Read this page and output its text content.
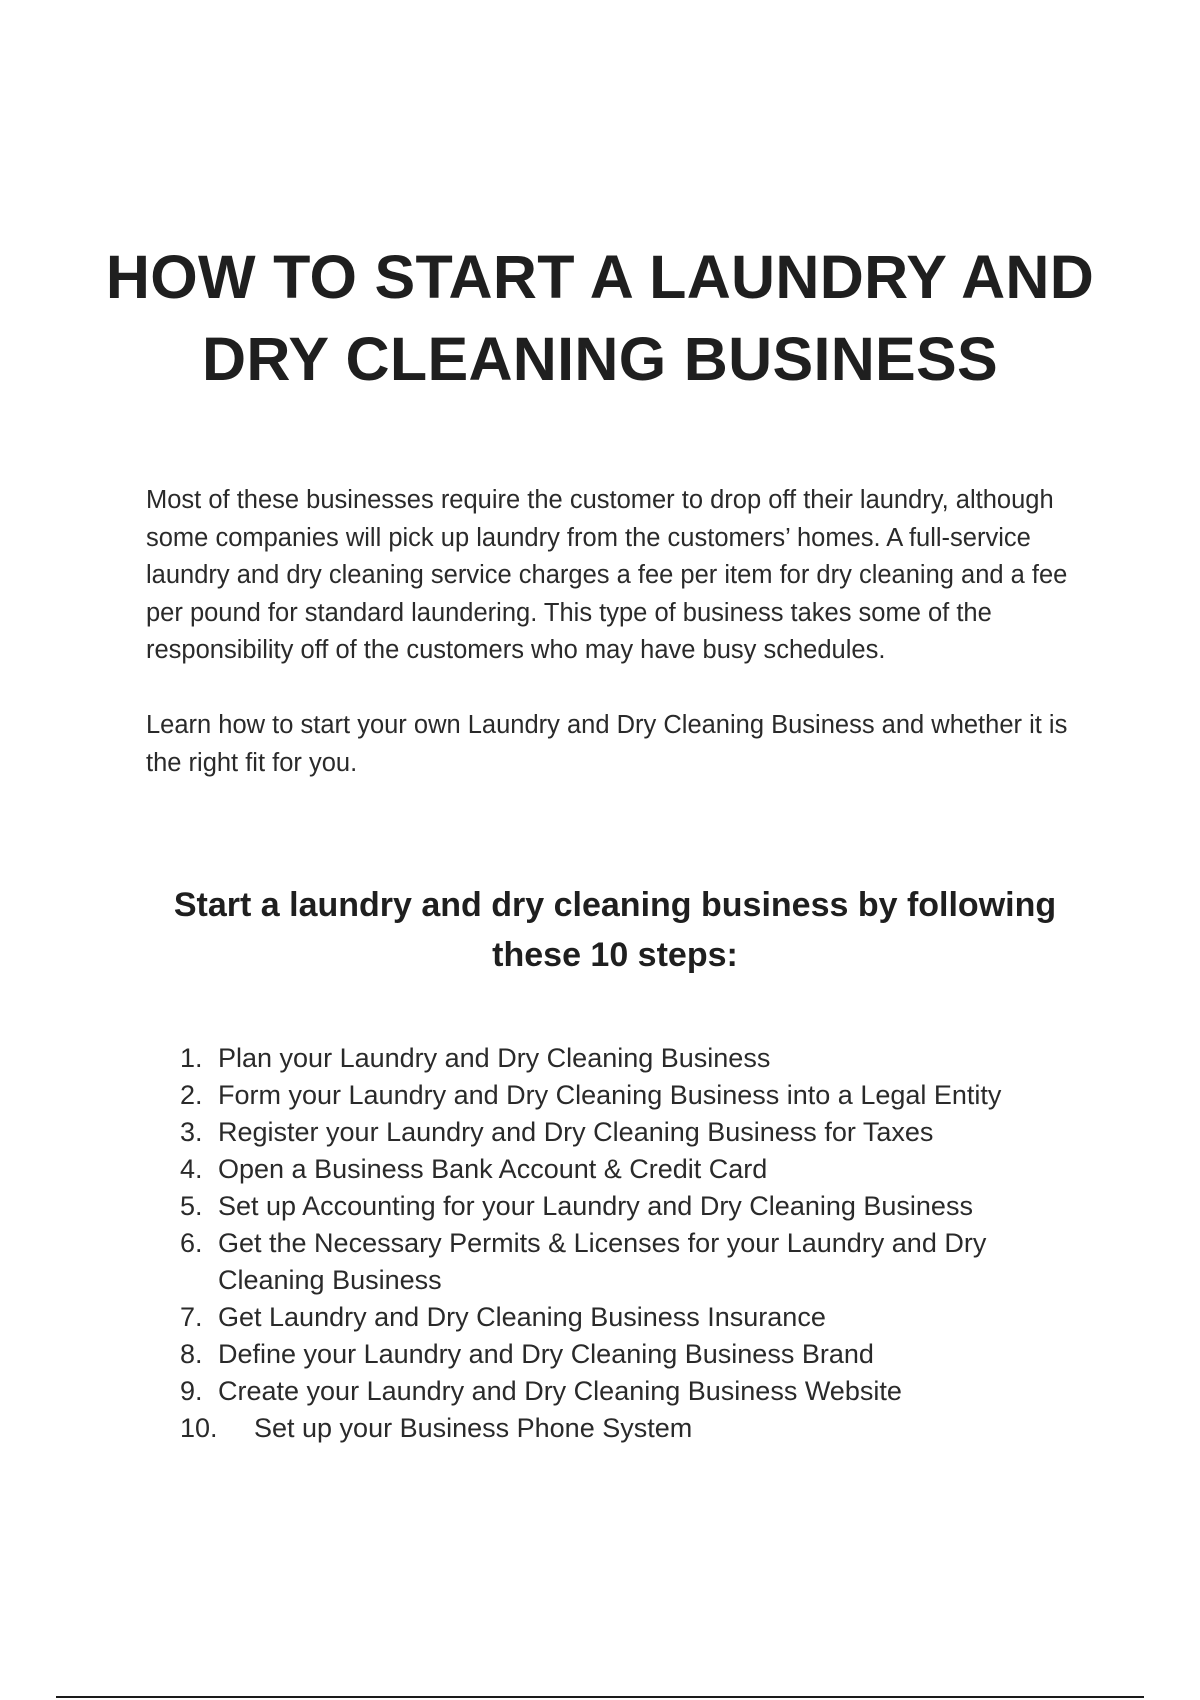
HOW TO START A LAUNDRY AND DRY CLEANING BUSINESS

Most of these businesses require the customer to drop off their laundry, although some companies will pick up laundry from the customers’ homes. A full-service laundry and dry cleaning service charges a fee per item for dry cleaning and a fee per pound for standard laundering. This type of business takes some of the responsibility off of the customers who may have busy schedules.

Learn how to start your own Laundry and Dry Cleaning Business and whether it is the right fit for you.

Start a laundry and dry cleaning business by following these 10 steps:
1. Plan your Laundry and Dry Cleaning Business
2. Form your Laundry and Dry Cleaning Business into a Legal Entity
3. Register your Laundry and Dry Cleaning Business for Taxes
4. Open a Business Bank Account & Credit Card
5. Set up Accounting for your Laundry and Dry Cleaning Business
6. Get the Necessary Permits & Licenses for your Laundry and Dry Cleaning Business
7. Get Laundry and Dry Cleaning Business Insurance
8. Define your Laundry and Dry Cleaning Business Brand
9. Create your Laundry and Dry Cleaning Business Website
10.	Set up your Business Phone System
